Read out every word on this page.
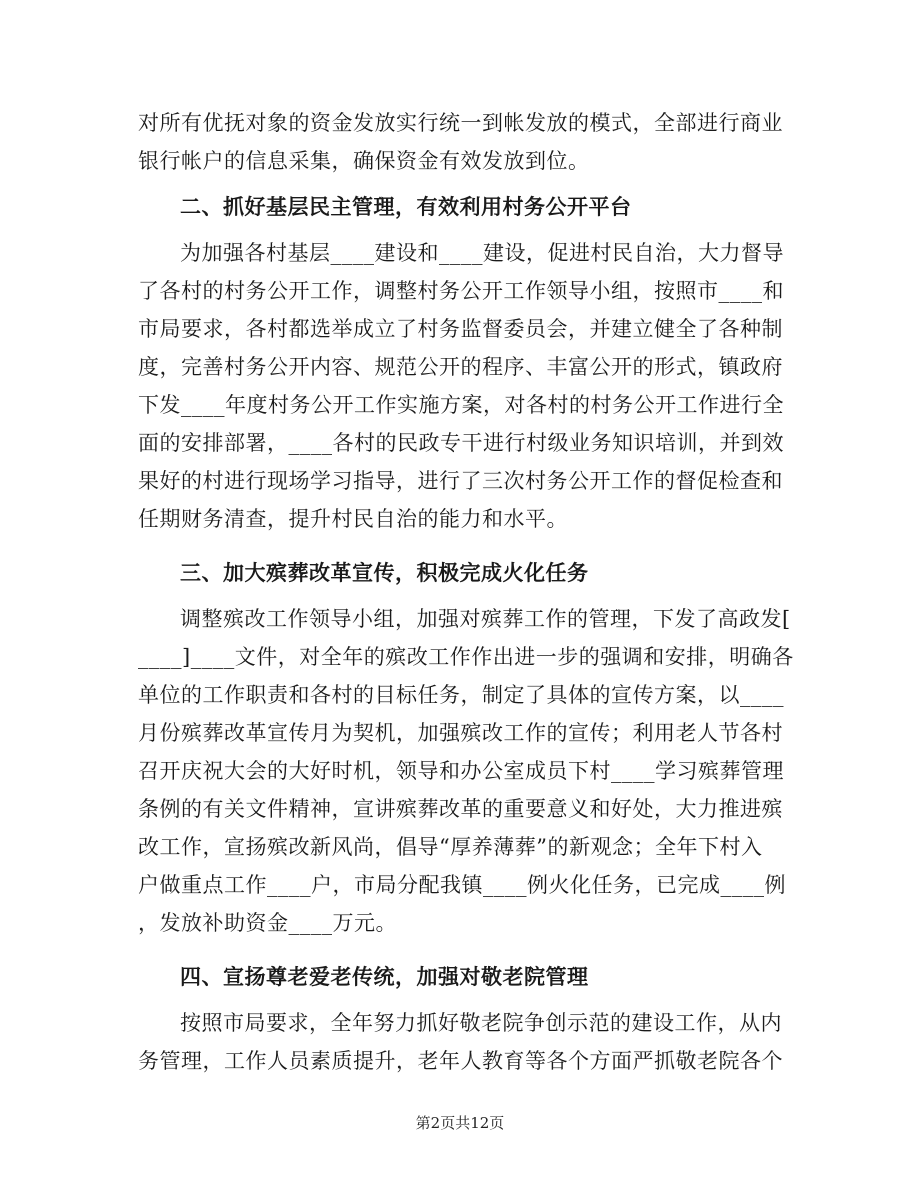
对所有优抚对象的资金发放实行统一到帐发放的模式，全部进行商业
银行帐户的信息采集，确保资金有效发放到位。
二、抓好基层民主管理，有效利用村务公开平台
为加强各村基层____建设和____建设，促进村民自治，大力督导
了各村的村务公开工作，调整村务公开工作领导小组，按照市____和
市局要求，各村都选举成立了村务监督委员会，并建立健全了各种制
度，完善村务公开内容、规范公开的程序、丰富公开的形式，镇政府
下发____年度村务公开工作实施方案，对各村的村务公开工作进行全
面的安排部署，____各村的民政专干进行村级业务知识培训，并到效
果好的村进行现场学习指导，进行了三次村务公开工作的督促检查和
任期财务清查，提升村民自治的能力和水平。
三、加大殡葬改革宣传，积极完成火化任务
调整殡改工作领导小组，加强对殡葬工作的管理，下发了高政发[
____]____文件，对全年的殡改工作作出进一步的强调和安排，明确各
单位的工作职责和各村的目标任务，制定了具体的宣传方案，以____
月份殡葬改革宣传月为契机，加强殡改工作的宣传；利用老人节各村
召开庆祝大会的大好时机，领导和办公室成员下村____学习殡葬管理
条例的有关文件精神，宣讲殡葬改革的重要意义和好处，大力推进殡
改工作，宣扬殡改新风尚，倡导“厚养薄葬”的新观念；全年下村入
户做重点工作____户，市局分配我镇____例火化任务，已完成____例
，发放补助资金____万元。
四、宣扬尊老爱老传统，加强对敬老院管理
按照市局要求，全年努力抓好敬老院争创示范的建设工作，从内
务管理，工作人员素质提升，老年人教育等各个方面严抓敬老院各个
第2页共12页
